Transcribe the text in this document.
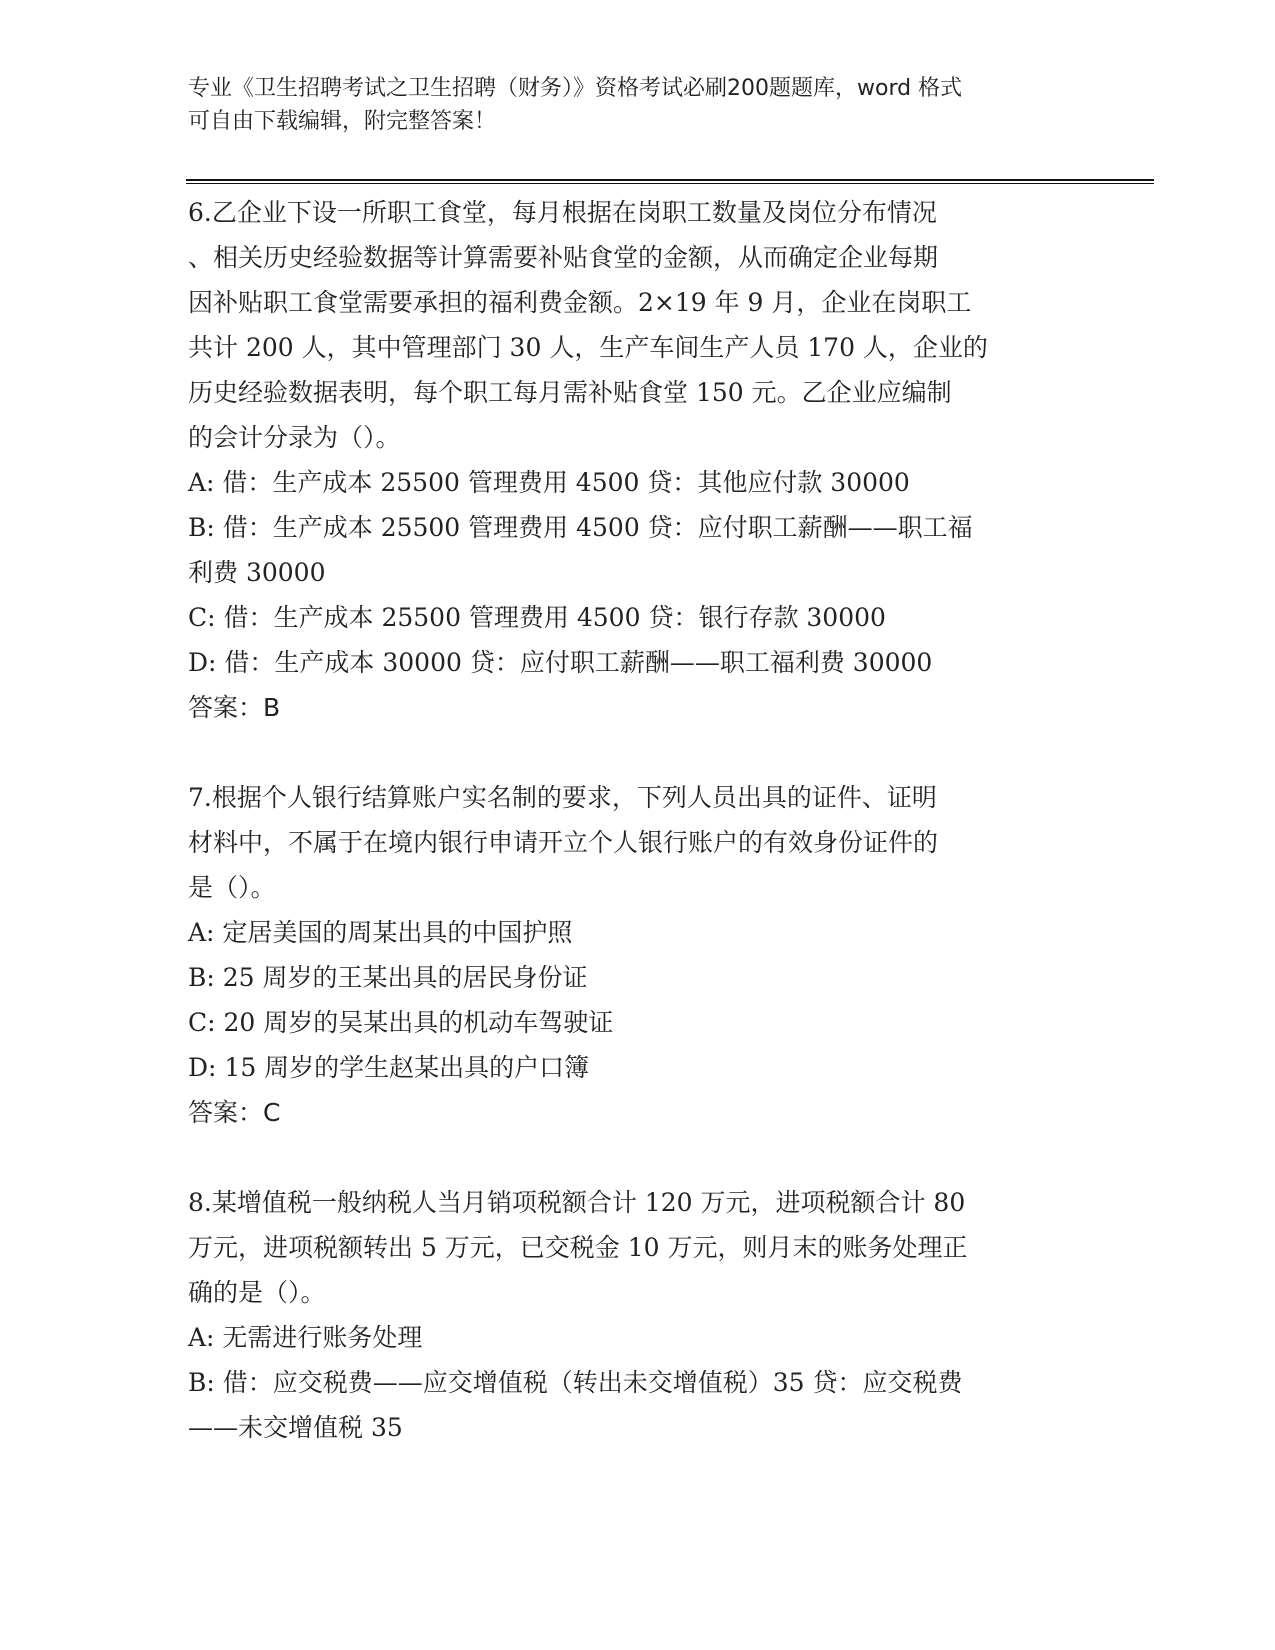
专业《卫生招聘考试之卫生招聘（财务）》资格考试必刷200题题库，word 格式
可自由下载编辑，附完整答案！

6.乙企业下设一所职工食堂，每月根据在岗职工数量及岗位分布情况

、相关历史经验数据等计算需要补贴食堂的金额，从而确定企业每期

因补贴职工食堂需要承担的福利费金额。2×19 年 9 月，企业在岗职工

共计 200 人，其中管理部门 30 人，生产车间生产人员 170 人，企业的

历史经验数据表明，每个职工每月需补贴食堂 150 元。乙企业应编制

的会计分录为（）。

A: 借：生产成本 25500 管理费用 4500 贷：其他应付款 30000

B: 借：生产成本 25500 管理费用 4500 贷：应付职工薪酬——职工福

利费 30000

C: 借：生产成本 25500 管理费用 4500 贷：银行存款 30000

D: 借：生产成本 30000 贷：应付职工薪酬——职工福利费 30000

答案：B

7.根据个人银行结算账户实名制的要求，下列人员出具的证件、证明

材料中，不属于在境内银行申请开立个人银行账户的有效身份证件的

是（）。

A: 定居美国的周某出具的中国护照

B: 25 周岁的王某出具的居民身份证

C: 20 周岁的吴某出具的机动车驾驶证

D: 15 周岁的学生赵某出具的户口簿

答案：C

8.某增值税一般纳税人当月销项税额合计 120 万元，进项税额合计 80

万元，进项税额转出 5 万元，已交税金 10 万元，则月末的账务处理正

确的是（）。

A: 无需进行账务处理

B: 借：应交税费——应交增值税（转出未交增值税）35 贷：应交税费

——未交增值税 35
